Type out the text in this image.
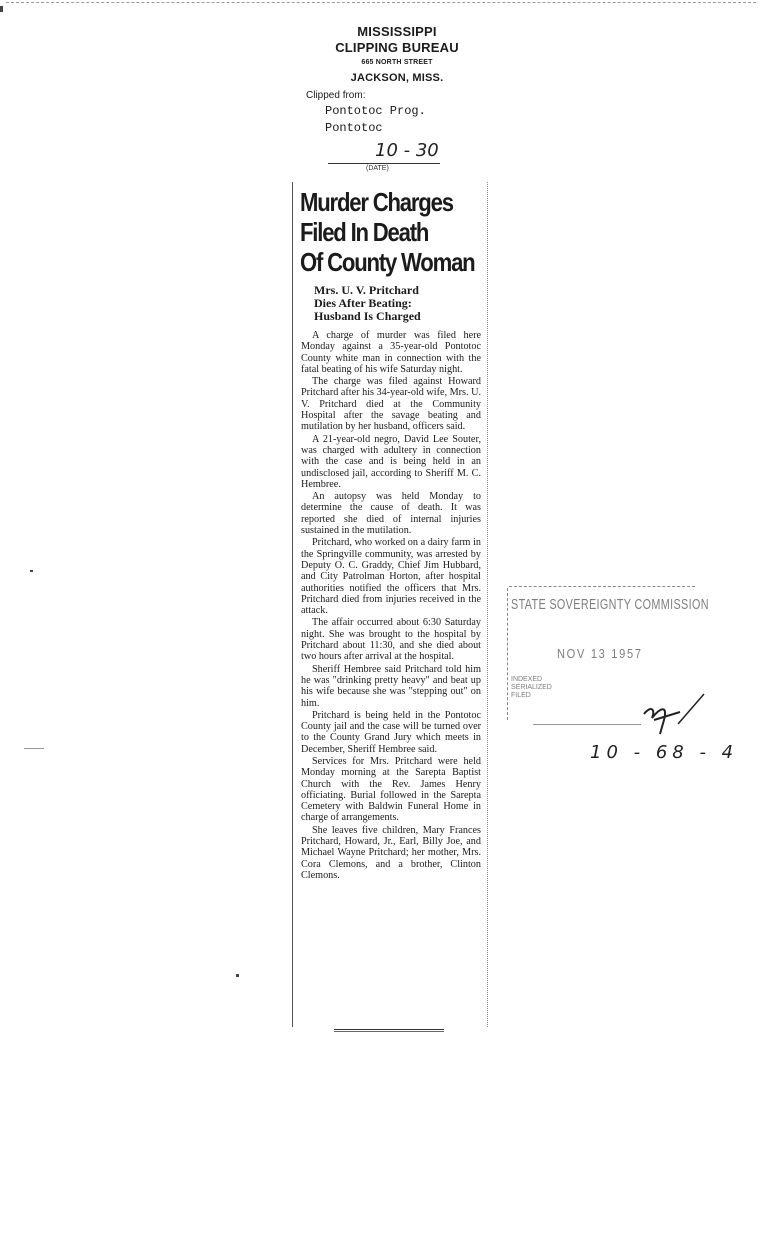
MISSISSIPPI
CLIPPING BUREAU
665 NORTH STREET
JACKSON, MISS.
Clipped from:
Pontotoc Prog.
Pontotoc
10 - 30
(DATE)
Murder Charges
Filed In Death
Of County Woman
Mrs. U. V. Pritchard
Dies After Beating:
Husband Is Charged

A charge of murder was filed here Monday against a 35-year-old Pontotoc County white man in connection with the fatal beating of his wife Saturday night.

The charge was filed against Howard Pritchard after his 34-year-old wife, Mrs. U. V. Pritchard died at the Community Hospital after the savage beating and mutilation by her husband, officers said.

A 21-year-old negro, David Lee Souter, was charged with adultery in connection with the case and is being held in an undisclosed jail, according to Sheriff M. C. Hembree.

An autopsy was held Monday to determine the cause of death. It was reported she died of internal injuries sustained in the mutilation.

Pritchard, who worked on a dairy farm in the Springville community, was arrested by Deputy O. C. Graddy, Chief Jim Hubbard, and City Patrolman Horton, after hospital authorities notified the officers that Mrs. Pritchard died from injuries received in the attack.

The affair occurred about 6:30 Saturday night. She was brought to the hospital by Pritchard about 11:30, and she died about two hours after arrival at the hospital.

Sheriff Hembree said Pritchard told him he was "drinking pretty heavy" and beat up his wife because she was "stepping out" on him.

Pritchard is being held in the Pontotoc County jail and the case will be turned over to the County Grand Jury which meets in December, Sheriff Hembree said.

Services for Mrs. Pritchard were held Monday morning at the Sarepta Baptist Church with the Rev. James Henry officiating. Burial followed in the Sarepta Cemetery with Baldwin Funeral Home in charge of arrangements.

She leaves five children, Mary Frances Pritchard, Howard, Jr., Earl, Billy Joe, and Michael Wayne Pritchard; her mother, Mrs. Cora Clemons, and a brother, Clinton Clemons.

STATE SOVEREIGNTY COMMISSION
NOV 13 1957
INDEXED
SERIALIZED
FILED
10 - 68 - 4
